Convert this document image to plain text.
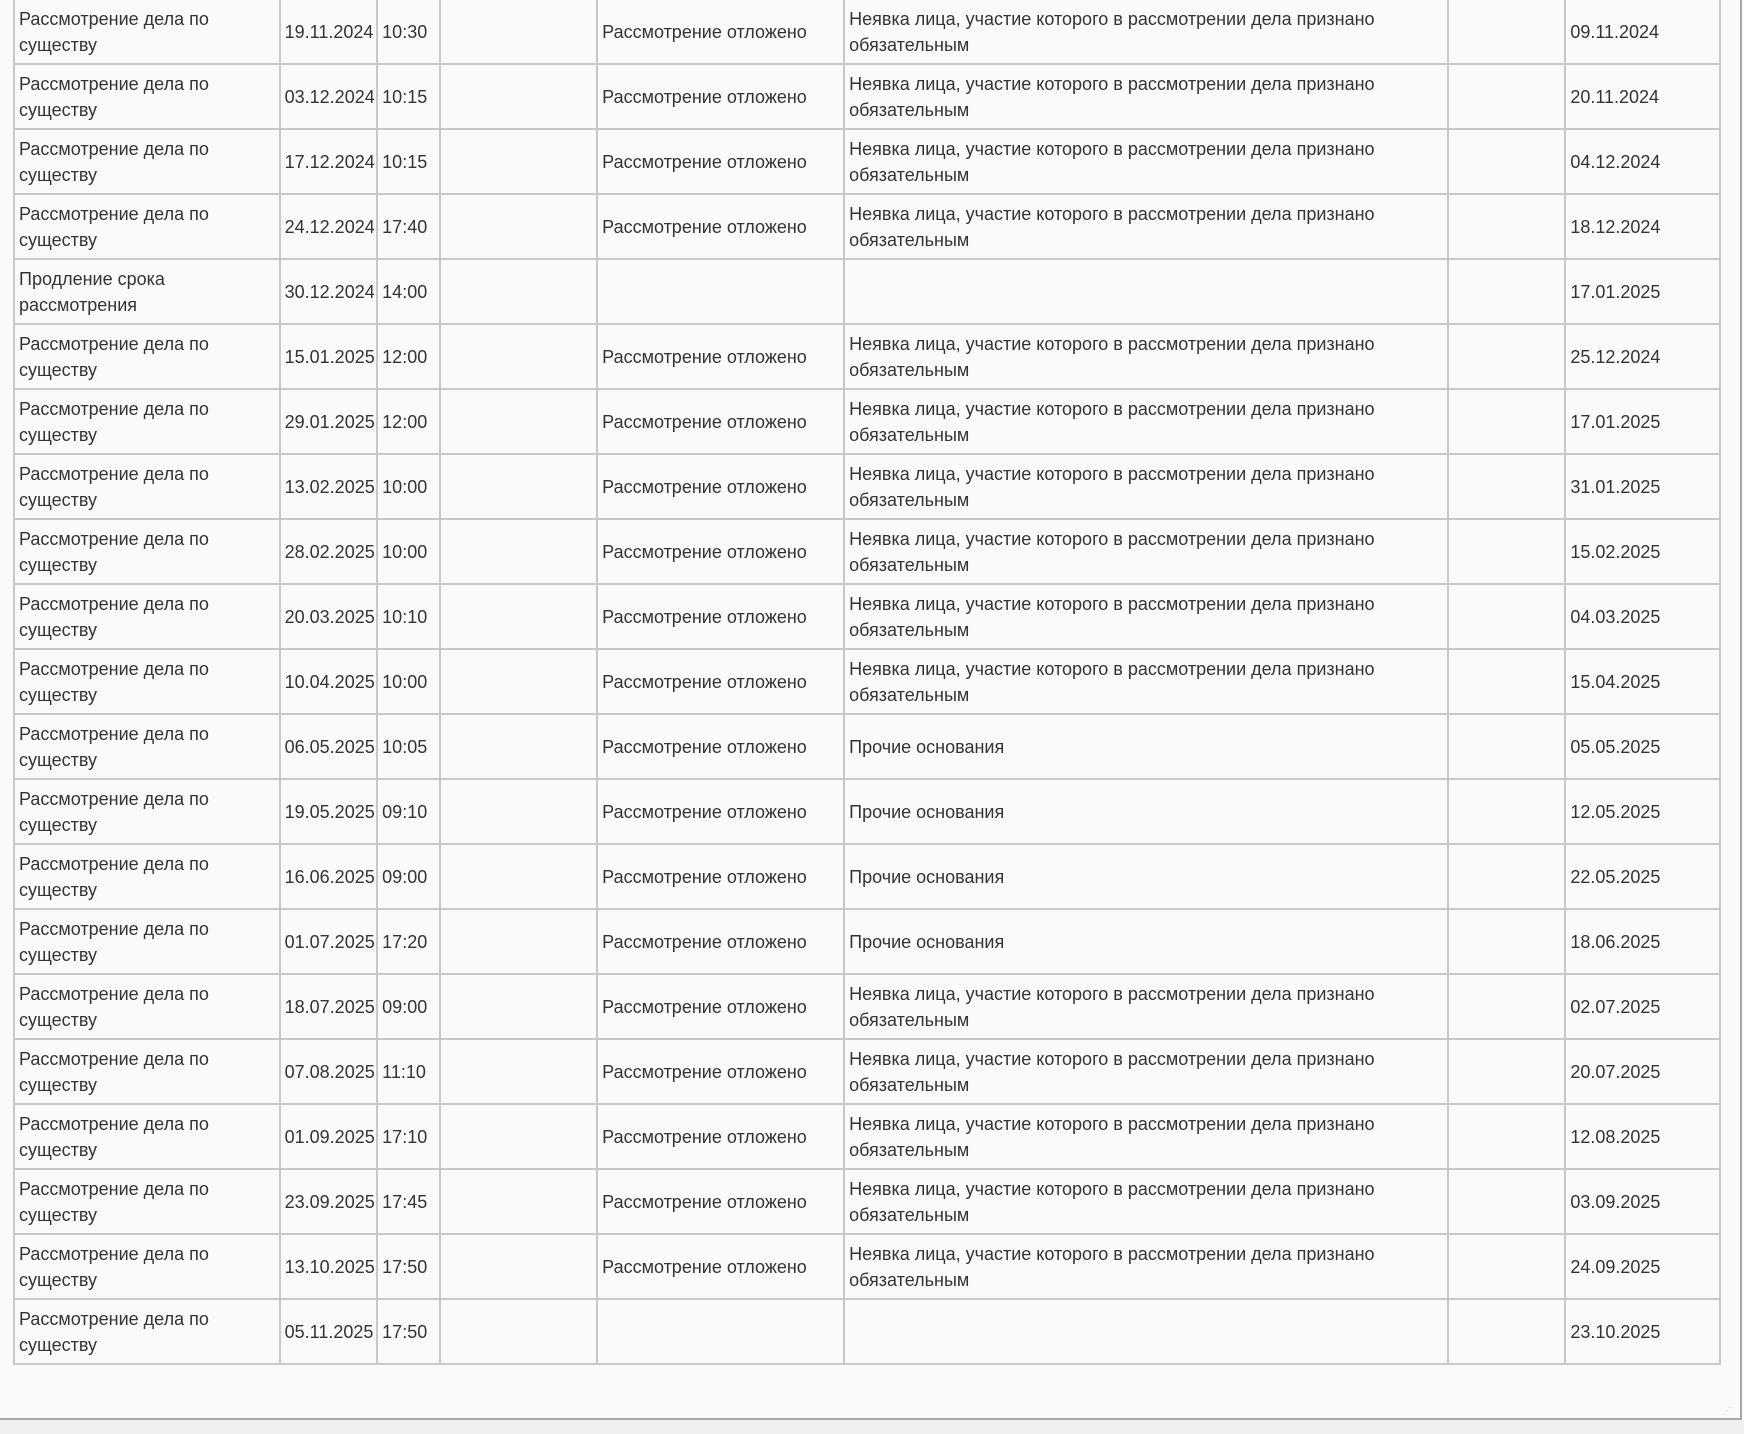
Рассмотрение дела по существу	19.11.2024	10:30		Рассмотрение отложено	Неявка лица, участие которого в рассмотрении дела признано обязательным		09.11.2024
Рассмотрение дела по существу	03.12.2024	10:15		Рассмотрение отложено	Неявка лица, участие которого в рассмотрении дела признано обязательным		20.11.2024
Рассмотрение дела по существу	17.12.2024	10:15		Рассмотрение отложено	Неявка лица, участие которого в рассмотрении дела признано обязательным		04.12.2024
Рассмотрение дела по существу	24.12.2024	17:40		Рассмотрение отложено	Неявка лица, участие которого в рассмотрении дела признано обязательным		18.12.2024
Продление срока рассмотрения	30.12.2024	14:00					17.01.2025
Рассмотрение дела по существу	15.01.2025	12:00		Рассмотрение отложено	Неявка лица, участие которого в рассмотрении дела признано обязательным		25.12.2024
Рассмотрение дела по существу	29.01.2025	12:00		Рассмотрение отложено	Неявка лица, участие которого в рассмотрении дела признано обязательным		17.01.2025
Рассмотрение дела по существу	13.02.2025	10:00		Рассмотрение отложено	Неявка лица, участие которого в рассмотрении дела признано обязательным		31.01.2025
Рассмотрение дела по существу	28.02.2025	10:00		Рассмотрение отложено	Неявка лица, участие которого в рассмотрении дела признано обязательным		15.02.2025
Рассмотрение дела по существу	20.03.2025	10:10		Рассмотрение отложено	Неявка лица, участие которого в рассмотрении дела признано обязательным		04.03.2025
Рассмотрение дела по существу	10.04.2025	10:00		Рассмотрение отложено	Неявка лица, участие которого в рассмотрении дела признано обязательным		15.04.2025
Рассмотрение дела по существу	06.05.2025	10:05		Рассмотрение отложено	Прочие основания		05.05.2025
Рассмотрение дела по существу	19.05.2025	09:10		Рассмотрение отложено	Прочие основания		12.05.2025
Рассмотрение дела по существу	16.06.2025	09:00		Рассмотрение отложено	Прочие основания		22.05.2025
Рассмотрение дела по существу	01.07.2025	17:20		Рассмотрение отложено	Прочие основания		18.06.2025
Рассмотрение дела по существу	18.07.2025	09:00		Рассмотрение отложено	Неявка лица, участие которого в рассмотрении дела признано обязательным		02.07.2025
Рассмотрение дела по существу	07.08.2025	11:10		Рассмотрение отложено	Неявка лица, участие которого в рассмотрении дела признано обязательным		20.07.2025
Рассмотрение дела по существу	01.09.2025	17:10		Рассмотрение отложено	Неявка лица, участие которого в рассмотрении дела признано обязательным		12.08.2025
Рассмотрение дела по существу	23.09.2025	17:45		Рассмотрение отложено	Неявка лица, участие которого в рассмотрении дела признано обязательным		03.09.2025
Рассмотрение дела по существу	13.10.2025	17:50		Рассмотрение отложено	Неявка лица, участие которого в рассмотрении дела признано обязательным		24.09.2025
Рассмотрение дела по существу	05.11.2025	17:50					23.10.2025
⋰
